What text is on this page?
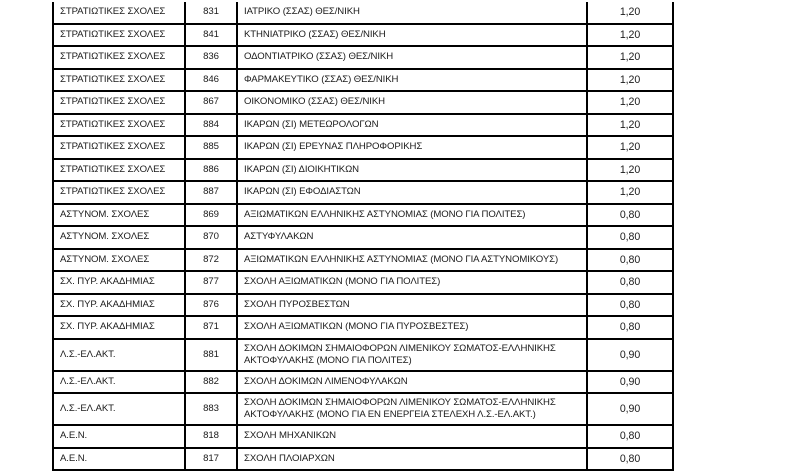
ΣΤΡΑΤΙΩΤΙΚΕΣ ΣΧΟΛΕΣ	831	ΙΑΤΡΙΚΟ (ΣΣΑΣ) ΘΕΣ/ΝΙΚΗ	1,20
ΣΤΡΑΤΙΩΤΙΚΕΣ ΣΧΟΛΕΣ	841	ΚΤΗΝΙΑΤΡΙΚΟ (ΣΣΑΣ) ΘΕΣ/ΝΙΚΗ	1,20
ΣΤΡΑΤΙΩΤΙΚΕΣ ΣΧΟΛΕΣ	836	ΟΔΟΝΤΙΑΤΡΙΚΟ (ΣΣΑΣ) ΘΕΣ/ΝΙΚΗ	1,20
ΣΤΡΑΤΙΩΤΙΚΕΣ ΣΧΟΛΕΣ	846	ΦΑΡΜΑΚΕΥΤΙΚΟ (ΣΣΑΣ) ΘΕΣ/ΝΙΚΗ	1,20
ΣΤΡΑΤΙΩΤΙΚΕΣ ΣΧΟΛΕΣ	867	ΟΙΚΟΝΟΜΙΚΟ (ΣΣΑΣ) ΘΕΣ/ΝΙΚΗ	1,20
ΣΤΡΑΤΙΩΤΙΚΕΣ ΣΧΟΛΕΣ	884	ΙΚΑΡΩΝ (ΣΙ) ΜΕΤΕΩΡΟΛΟΓΩΝ	1,20
ΣΤΡΑΤΙΩΤΙΚΕΣ ΣΧΟΛΕΣ	885	ΙΚΑΡΩΝ (ΣΙ) ΕΡΕΥΝΑΣ ΠΛΗΡΟΦΟΡΙΚΗΣ	1,20
ΣΤΡΑΤΙΩΤΙΚΕΣ ΣΧΟΛΕΣ	886	ΙΚΑΡΩΝ (ΣΙ) ΔΙΟΙΚΗΤΙΚΩΝ	1,20
ΣΤΡΑΤΙΩΤΙΚΕΣ ΣΧΟΛΕΣ	887	ΙΚΑΡΩΝ (ΣΙ) ΕΦΟΔΙΑΣΤΩΝ	1,20
ΑΣΤΥΝΟΜ. ΣΧΟΛΕΣ	869	ΑΞΙΩΜΑΤΙΚΩΝ ΕΛΛΗΝΙΚΗΣ ΑΣΤΥΝΟΜΙΑΣ (ΜΟΝΟ ΓΙΑ ΠΟΛΙΤΕΣ)	0,80
ΑΣΤΥΝΟΜ. ΣΧΟΛΕΣ	870	ΑΣΤΥΦΥΛΑΚΩΝ	0,80
ΑΣΤΥΝΟΜ. ΣΧΟΛΕΣ	872	ΑΞΙΩΜΑΤΙΚΩΝ ΕΛΛΗΝΙΚΗΣ ΑΣΤΥΝΟΜΙΑΣ (ΜΟΝΟ ΓΙΑ ΑΣΤΥΝΟΜΙΚΟΥΣ)	0,80
ΣΧ. ΠΥΡ. ΑΚΑΔΗΜΙΑΣ	877	ΣΧΟΛΗ ΑΞΙΩΜΑΤΙΚΩΝ (ΜΟΝΟ ΓΙΑ ΠΟΛΙΤΕΣ)	0,80
ΣΧ. ΠΥΡ. ΑΚΑΔΗΜΙΑΣ	876	ΣΧΟΛΗ ΠΥΡΟΣΒΕΣΤΩΝ	0,80
ΣΧ. ΠΥΡ. ΑΚΑΔΗΜΙΑΣ	871	ΣΧΟΛΗ ΑΞΙΩΜΑΤΙΚΩΝ (ΜΟΝΟ ΓΙΑ ΠΥΡΟΣΒΕΣΤΕΣ)	0,80
Λ.Σ.-ΕΛ.ΑΚΤ.	881	ΣΧΟΛΗ ΔΟΚΙΜΩΝ ΣΗΜΑΙΟΦΟΡΩΝ ΛΙΜΕΝΙΚΟΥ ΣΩΜΑΤΟΣ-ΕΛΛΗΝΙΚΗΣ ΑΚΤΟΦΥΛΑΚΗΣ (ΜΟΝΟ ΓΙΑ ΠΟΛΙΤΕΣ)	0,90
Λ.Σ.-ΕΛ.ΑΚΤ.	882	ΣΧΟΛΗ ΔΟΚΙΜΩΝ ΛΙΜΕΝΟΦΥΛΑΚΩΝ	0,90
Λ.Σ.-ΕΛ.ΑΚΤ.	883	ΣΧΟΛΗ ΔΟΚΙΜΩΝ ΣΗΜΑΙΟΦΟΡΩΝ ΛΙΜΕΝΙΚΟΥ ΣΩΜΑΤΟΣ-ΕΛΛΗΝΙΚΗΣ ΑΚΤΟΦΥΛΑΚΗΣ (ΜΟΝΟ ΓΙΑ ΕΝ ΕΝΕΡΓΕΙΑ ΣΤΕΛΕΧΗ Λ.Σ.-ΕΛ.ΑΚΤ.)	0,90
Α.Ε.Ν.	818	ΣΧΟΛΗ ΜΗΧΑΝΙΚΩΝ	0,80
Α.Ε.Ν.	817	ΣΧΟΛΗ ΠΛΟΙΑΡΧΩΝ	0,80
